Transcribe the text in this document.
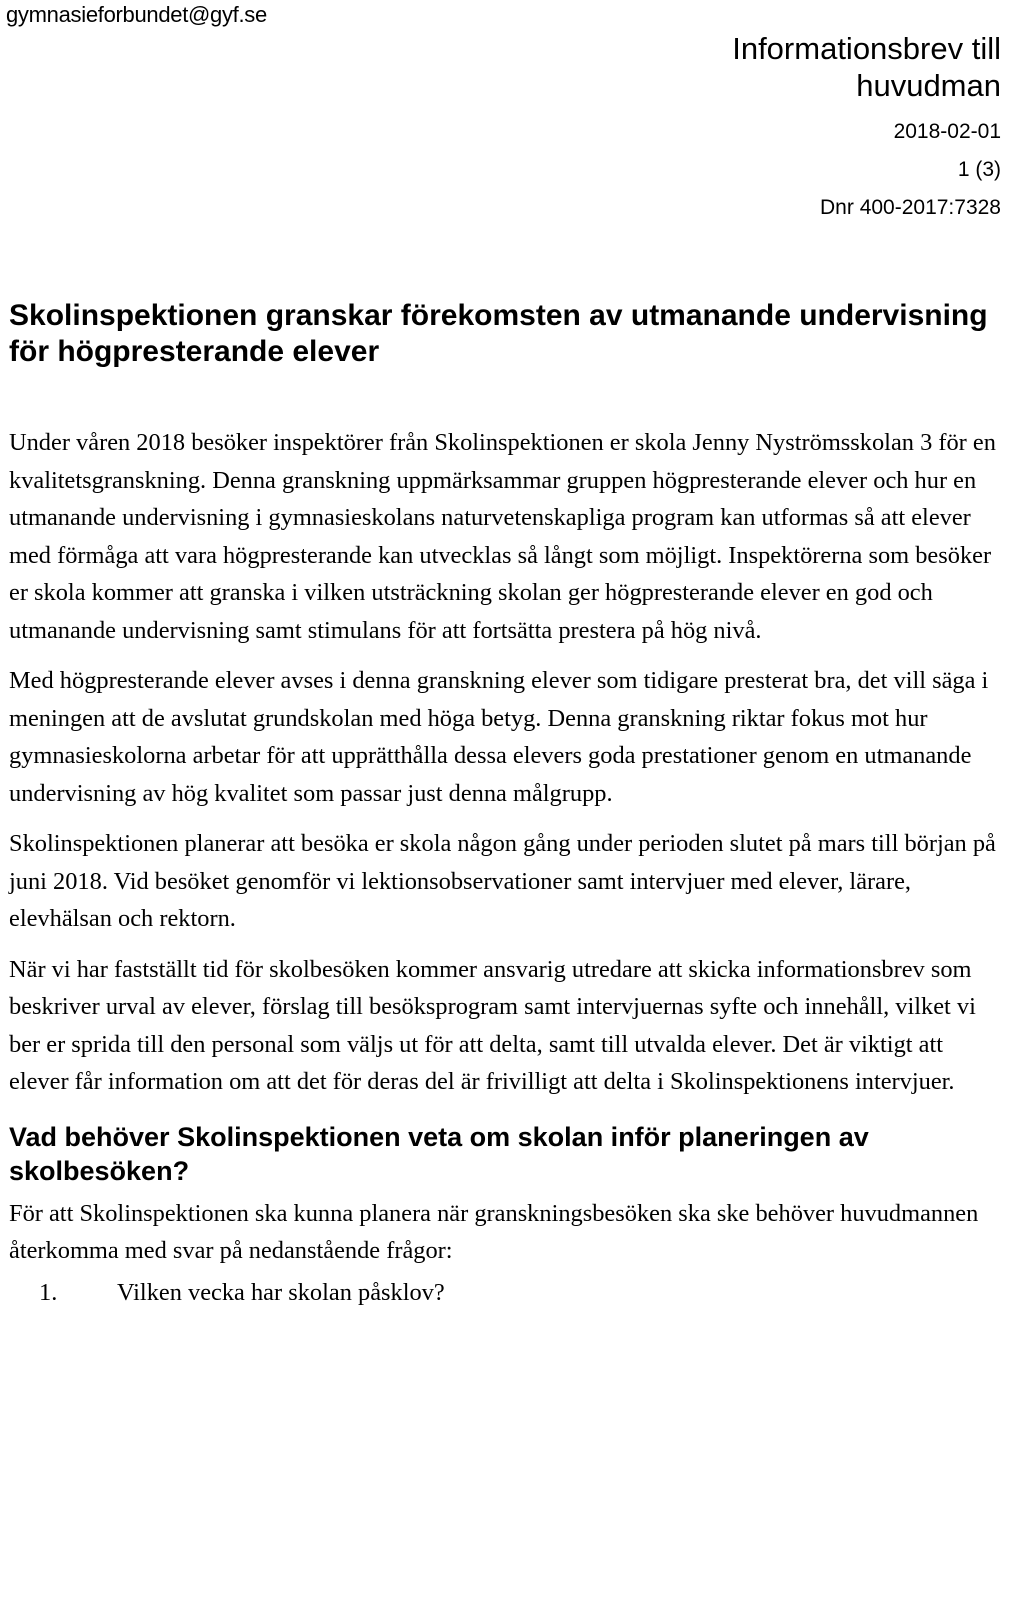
gymnasieforbundet@gyf.se
Informationsbrev till huvudman
2018-02-01
1 (3)
Dnr 400-2017:7328
Skolinspektionen granskar förekomsten av utmanande undervisning för högpresterande elever

Under våren 2018 besöker inspektörer från Skolinspektionen er skola Jenny Nyströmsskolan 3 för en kvalitetsgranskning. Denna granskning uppmärksammar gruppen högpresterande elever och hur en utmanande undervisning i gymnasieskolans naturvetenskapliga program kan utformas så att elever med förmåga att vara högpresterande kan utvecklas så långt som möjligt. Inspektörerna som besöker er skola kommer att granska i vilken utsträckning skolan ger högpresterande elever en god och utmanande undervisning samt stimulans för att fortsätta prestera på hög nivå.

Med högpresterande elever avses i denna granskning elever som tidigare presterat bra, det vill säga i meningen att de avslutat grundskolan med höga betyg. Denna granskning riktar fokus mot hur gymnasieskolorna arbetar för att upprätthålla dessa elevers goda prestationer genom en utmanande undervisning av hög kvalitet som passar just denna målgrupp.

Skolinspektionen planerar att besöka er skola någon gång under perioden slutet på mars till början på juni 2018. Vid besöket genomför vi lektionsobservationer samt intervjuer med elever, lärare, elevhälsan och rektorn.

När vi har fastställt tid för skolbesöken kommer ansvarig utredare att skicka informationsbrev som beskriver urval av elever, förslag till besöksprogram samt intervjuernas syfte och innehåll, vilket vi ber er sprida till den personal som väljs ut för att delta, samt till utvalda elever. Det är viktigt att elever får information om att det för deras del är frivilligt att delta i Skolinspektionens intervjuer.

Vad behöver Skolinspektionen veta om skolan inför planeringen av skolbesöken?

För att Skolinspektionen ska kunna planera när granskningsbesöken ska ske behöver huvudmannen återkomma med svar på nedanstående frågor:

1. Vilken vecka har skolan påsklov?
